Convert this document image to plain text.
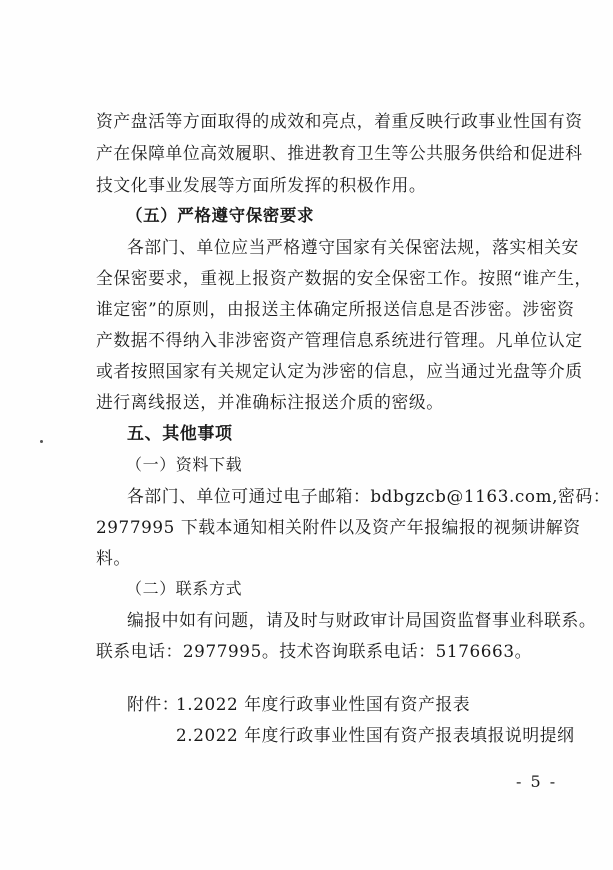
资产盘活等方面取得的成效和亮点，着重反映行政事业性国有资
产在保障单位高效履职、推进教育卫生等公共服务供给和促进科
技文化事业发展等方面所发挥的积极作用。
（五）严格遵守保密要求
各部门、单位应当严格遵守国家有关保密法规，落实相关安
全保密要求，重视上报资产数据的安全保密工作。按照“谁产生，
谁定密”的原则，由报送主体确定所报送信息是否涉密。涉密资
产数据不得纳入非涉密资产管理信息系统进行管理。凡单位认定
或者按照国家有关规定认定为涉密的信息，应当通过光盘等介质
进行离线报送，并准确标注报送介质的密级。
五、其他事项
（一）资料下载
各部门、单位可通过电子邮箱：bdbgzcb@1163.com,密码：
2977995 下载本通知相关附件以及资产年报编报的视频讲解资
料。
（二）联系方式
编报中如有问题，请及时与财政审计局国资监督事业科联系。
联系电话：2977995。技术咨询联系电话：5176663。
附件：
1.2022 年度行政事业性国有资产报表
2.2022 年度行政事业性国有资产报表填报说明提纲
- 5 -
